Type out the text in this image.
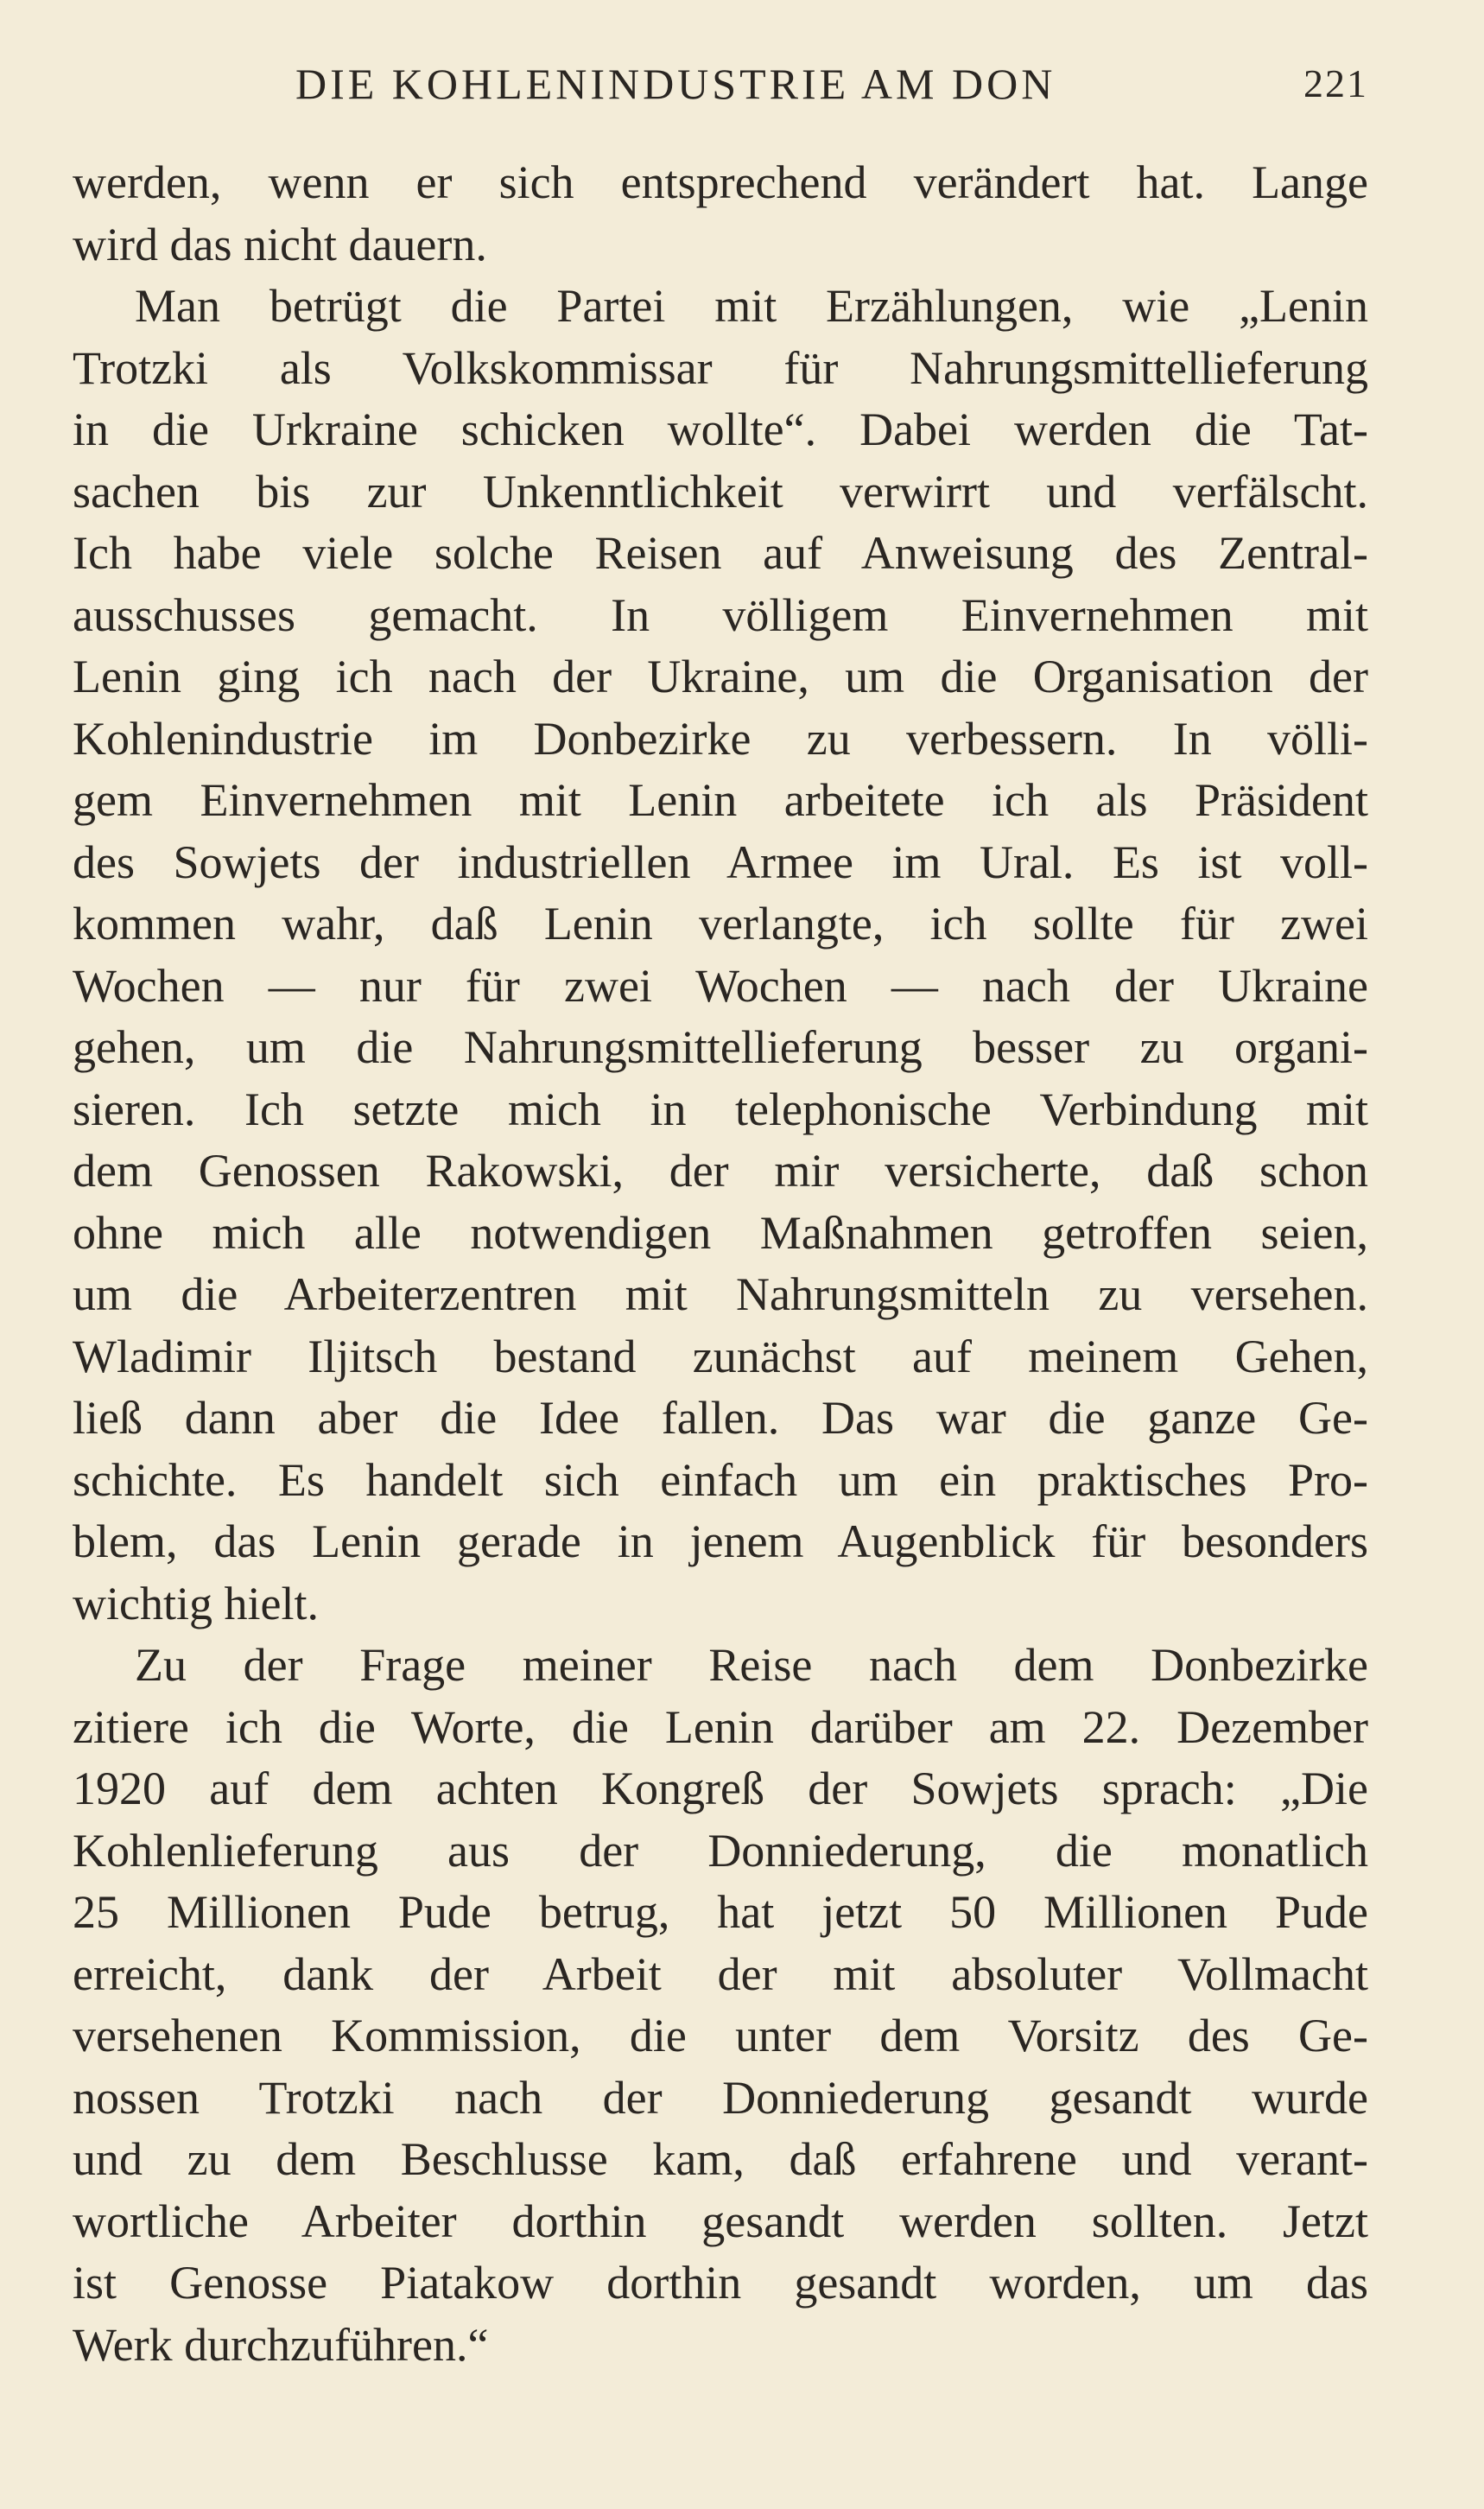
DIE KOHLENINDUSTRIE AM DON	221
werden, wenn er sich entsprechend verändert hat. Lange
wird das nicht dauern.
Man betrügt die Partei mit Erzählungen, wie „Lenin
Trotzki als Volkskommissar für Nahrungsmittellieferung
in die Urkraine schicken wollte“. Dabei werden die Tat-
sachen bis zur Unkenntlichkeit verwirrt und verfälscht.
Ich habe viele solche Reisen auf Anweisung des Zentral-
ausschusses gemacht. In völligem Einvernehmen mit
Lenin ging ich nach der Ukraine, um die Organisation der
Kohlenindustrie im Donbezirke zu verbessern. In völli-
gem Einvernehmen mit Lenin arbeitete ich als Präsident
des Sowjets der industriellen Armee im Ural. Es ist voll-
kommen wahr, daß Lenin verlangte, ich sollte für zwei
Wochen — nur für zwei Wochen — nach der Ukraine
gehen, um die Nahrungsmittellieferung besser zu organi-
sieren. Ich setzte mich in telephonische Verbindung mit
dem Genossen Rakowski, der mir versicherte, daß schon
ohne mich alle notwendigen Maßnahmen getroffen seien,
um die Arbeiterzentren mit Nahrungsmitteln zu versehen.
Wladimir Iljitsch bestand zunächst auf meinem Gehen,
ließ dann aber die Idee fallen. Das war die ganze Ge-
schichte. Es handelt sich einfach um ein praktisches Pro-
blem, das Lenin gerade in jenem Augenblick für besonders
wichtig hielt.
Zu der Frage meiner Reise nach dem Donbezirke
zitiere ich die Worte, die Lenin darüber am 22. Dezember
1920 auf dem achten Kongreß der Sowjets sprach: „Die
Kohlenlieferung aus der Donniederung, die monatlich
25 Millionen Pude betrug, hat jetzt 50 Millionen Pude
erreicht, dank der Arbeit der mit absoluter Vollmacht
versehenen Kommission, die unter dem Vorsitz des Ge-
nossen Trotzki nach der Donniederung gesandt wurde
und zu dem Beschlusse kam, daß erfahrene und verant-
wortliche Arbeiter dorthin gesandt werden sollten. Jetzt
ist Genosse Piatakow dorthin gesandt worden, um das
Werk durchzuführen.“
